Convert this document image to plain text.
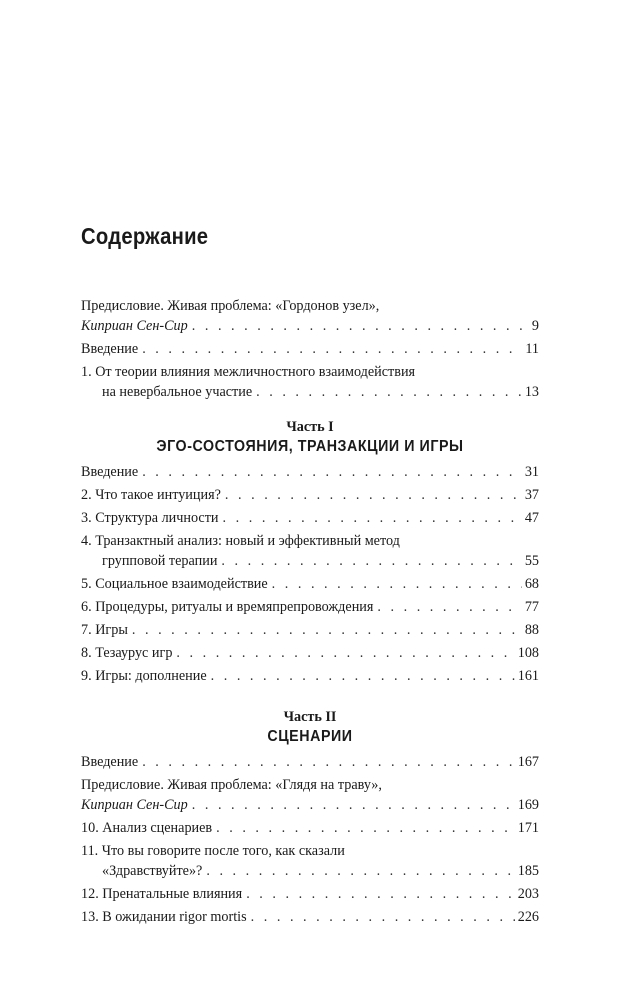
Содержание
Предисловие. Живая проблема: «Гордонов узел»,
Киприан Сен-Сир . . .	9
Введение . . .	11
1. От теории влияния межличностного взаимодействия
на невербальное участие . . .	13
Часть I
ЭГО-СОСТОЯНИЯ, ТРАНЗАКЦИИ И ИГРЫ
Введение . . .	31
2. Что такое интуиция? . . .	37
3. Структура личности . . .	47
4. Транзактный анализ: новый и эффективный метод
групповой терапии . . .	55
5. Социальное взаимодействие . . .	68
6. Процедуры, ритуалы и времяпрепровождения . . .	77
7. Игры . . .	88
8. Тезаурус игр . . .	108
9. Игры: дополнение . . .	161
Часть II
СЦЕНАРИИ
Введение . . .	167
Предисловие. Живая проблема: «Глядя на траву»,
Киприан Сен-Сир . . .	169
10. Анализ сценариев . . .	171
11. Что вы говорите после того, как сказали
«Здравствуйте»? . . .	185
12. Пренатальные влияния . . .	203
13. В ожидании rigor mortis . . .	226
